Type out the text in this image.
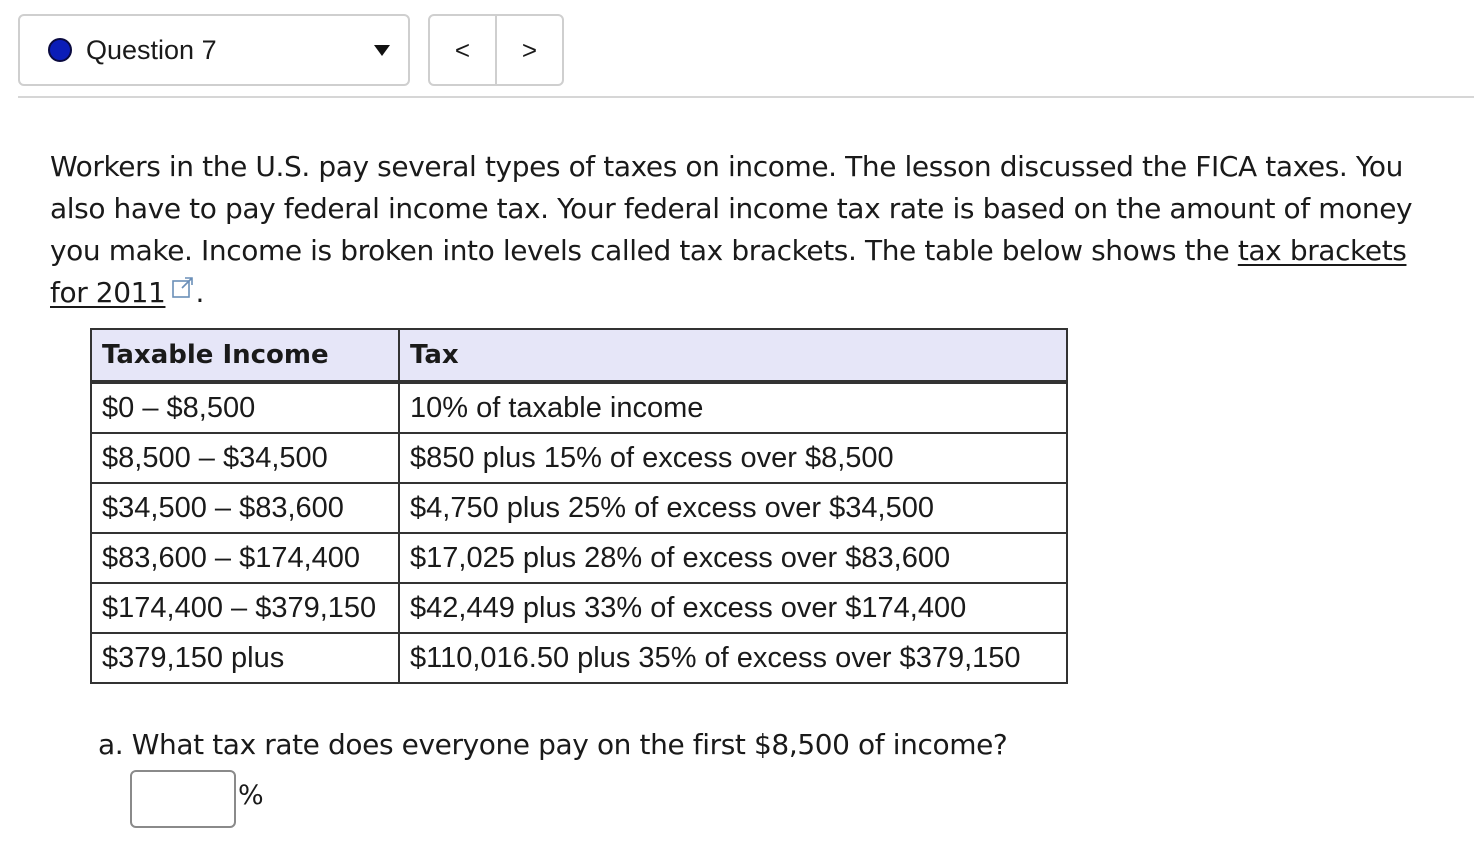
Question 7	<	>
Workers in the U.S. pay several types of taxes on income. The lesson discussed the FICA taxes. You also have to pay federal income tax. Your federal income tax rate is based on the amount of money you make. Income is broken into levels called tax brackets. The table below shows the tax brackets for 2011 .
Taxable Income	Tax
$0 – $8,500	10% of taxable income
$8,500 – $34,500	$850 plus 15% of excess over $8,500
$34,500 – $83,600	$4,750 plus 25% of excess over $34,500
$83,600 – $174,400	$17,025 plus 28% of excess over $83,600
$174,400 – $379,150	$42,449 plus 33% of excess over $174,400
$379,150 plus	$110,016.50 plus 35% of excess over $379,150
a. What tax rate does everyone pay on the first $8,500 of income?
%
